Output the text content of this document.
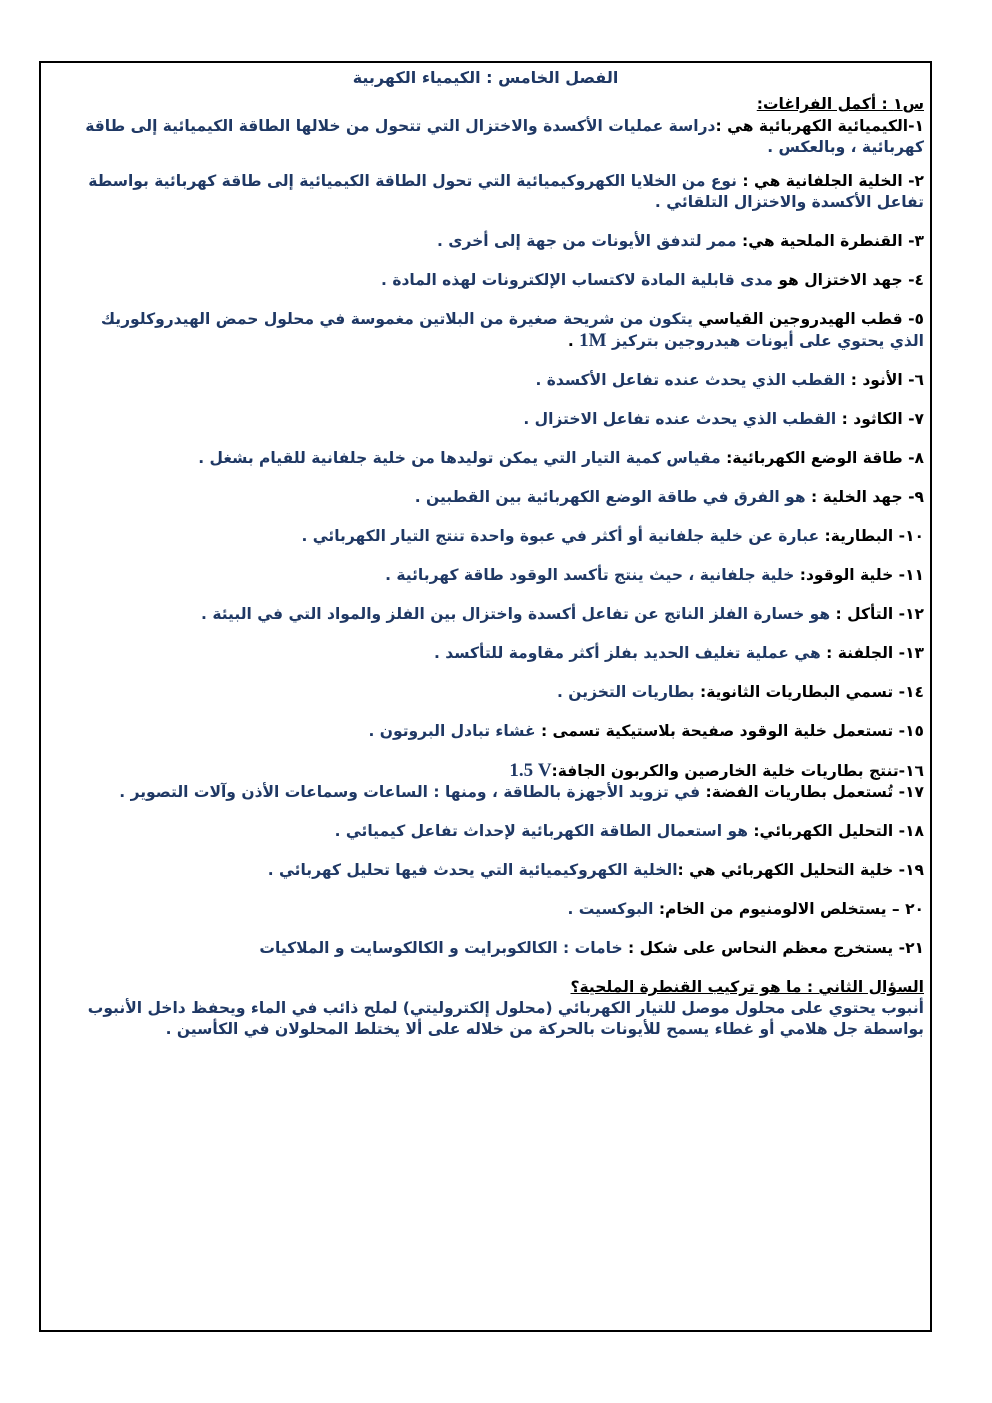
الفصل الخامس : الكيمياء الكهربية
س١ : أكمل الفراغات:
١-الكيميائية الكهربائية هي :دراسة عمليات الأكسدة والاختزال التي تتحول من خلالها الطاقة الكيميائية إلى طاقة كهربائية ، وبالعكس .
٢- الخلية الجلفانية هي : نوع من الخلايا الكهروكيميائية التي تحول الطاقة الكيميائية إلى طاقة كهربائية بواسطة تفاعل الأكسدة والاختزال التلقائي .
٣- القنطرة الملحية هي: ممر لتدفق الأيونات من جهة إلى أخرى .
٤- جهد الاختزال هو مدى قابلية المادة لاكتساب الإلكترونات لهذه المادة .
٥- قطب الهيدروجين القياسي يتكون من شريحة صغيرة من البلاتين مغموسة في محلول حمض الهيدروكلوريك الذي يحتوي على أيونات هيدروجين بتركيز 1M .
٦- الأنود : القطب الذي يحدث عنده تفاعل الأكسدة .
٧- الكاثود : القطب الذي يحدث عنده تفاعل الاختزال .
٨- طاقة الوضع الكهربائية: مقياس كمية التيار التي يمكن توليدها من خلية جلفانية للقيام بشغل .
٩- جهد الخلية : هو الفرق في طاقة الوضع الكهربائية بين القطبين .
١٠- البطارية: عبارة عن خلية جلفانية أو أكثر في عبوة واحدة تنتج التيار الكهربائي .
١١- خلية الوقود: خلية جلفانية ، حيث ينتج تأكسد الوقود طاقة كهربائية .
١٢- التأكل : هو خسارة الفلز الناتج عن تفاعل أكسدة واختزال بين الفلز والمواد التي في البيئة .
١٣- الجلفنة : هي عملية تغليف الحديد بفلز أكثر مقاومة للتأكسد .
١٤- تسمي البطاريات الثانوية: بطاريات التخزين .
١٥- تستعمل خلية الوقود صفيحة بلاستيكية تسمى : غشاء تبادل البروتون .
١٦-تنتج بطاريات خلية الخارصين والكربون الجافة:1.5 V
١٧- تُستعمل بطاريات الفضة: في تزويد الأجهزة بالطاقة ، ومنها : الساعات وسماعات الأذن وآلات التصوير .
١٨- التحليل الكهربائي: هو استعمال الطاقة الكهربائية لإحداث تفاعل كيميائي .
١٩- خلية التحليل الكهربائي هي :الخلية الكهروكيميائية التي يحدث فيها تحليل كهربائي .
٢٠ – يستخلص الالومنيوم من الخام: البوكسيت .
٢١- يستخرج معظم النحاس على شكل : خامات : الكالكوبرايت و الكالكوسايت و الملاكيات
السؤال الثاني : ما هو تركيب القنطرة الملحية؟
أنبوب يحتوي على محلول موصل للتيار الكهربائي (محلول إلكتروليتي) لملح ذائب في الماء ويحفظ داخل الأنبوب بواسطة جل هلامي أو غطاء يسمح للأيونات بالحركة من خلاله على ألا يختلط المحلولان في الكأسين .
